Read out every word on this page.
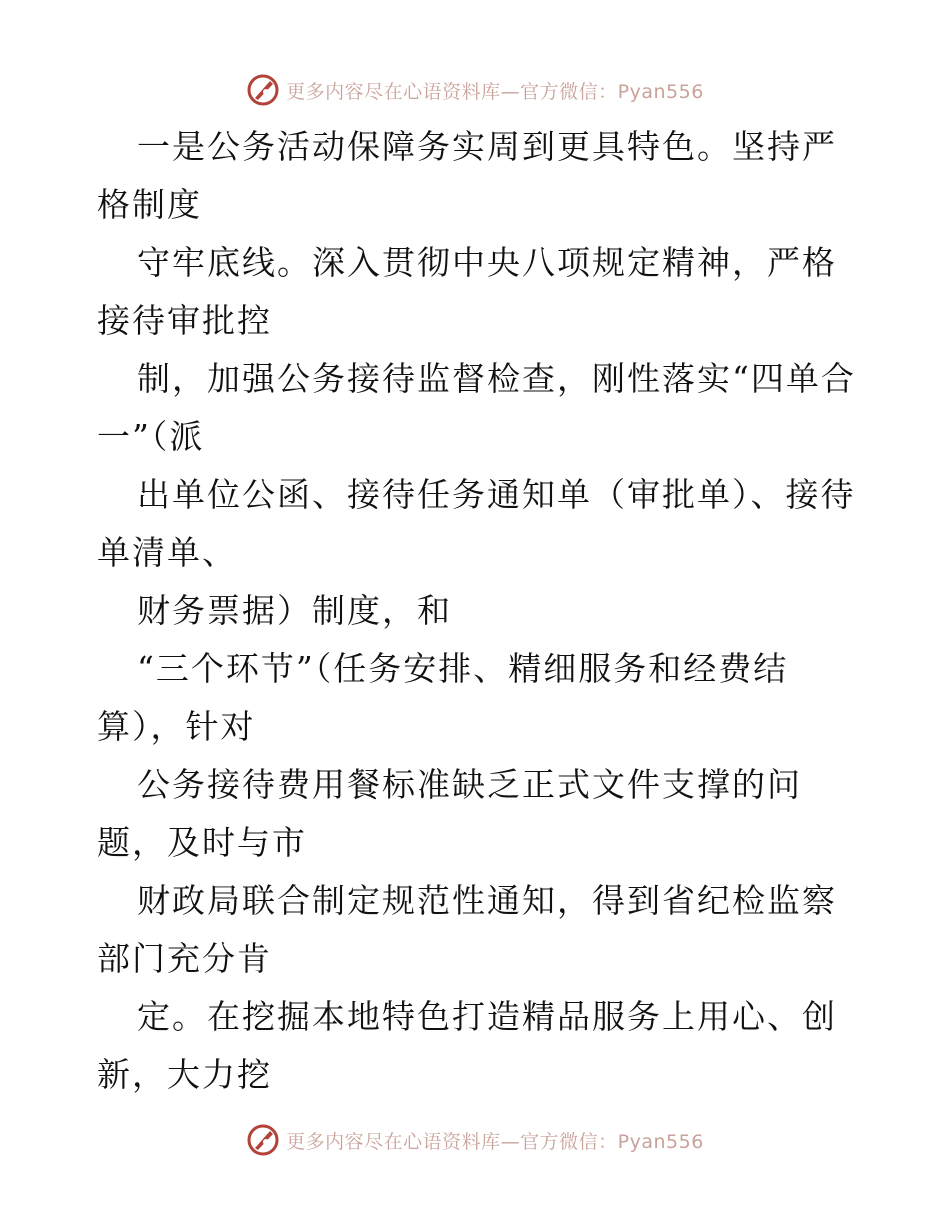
更多内容尽在心语资料库—官方微信：Pyan556

一是公务活动保障务实周到更具特色。坚持严格制度

守牢底线。深入贯彻中央八项规定精神，严格接待审批控

制，加强公务接待监督检查，刚性落实“四单合一”（派

出单位公函、接待任务通知单（审批单）、接待单清单、

财务票据）制度，和

“三个环节”（任务安排、精细服务和经费结算），针对

公务接待费用餐标准缺乏正式文件支撑的问题，及时与市

财政局联合制定规范性通知，得到省纪检监察部门充分肯

定。在挖掘本地特色打造精品服务上用心、创新，大力挖

更多内容尽在心语资料库—官方微信：Pyan556
